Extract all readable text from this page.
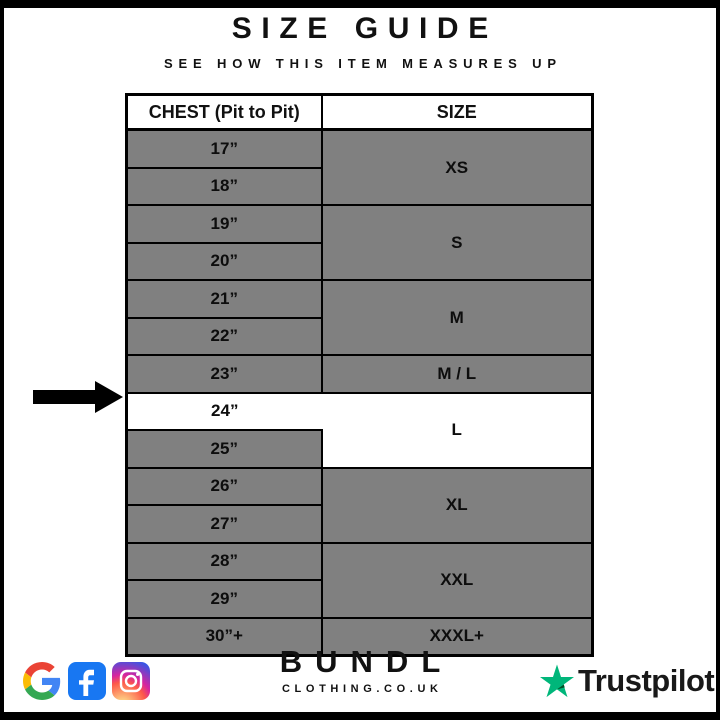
SIZE GUIDE
SEE HOW THIS ITEM MEASURES UP
CHEST (Pit to Pit)	SIZE
17”	XS
18”	
19”	S
20”	
21”	M
22”	
23”	M / L
24”	L
25”	
26”	XL
27”	
28”	XXL
29”	
30”+	XXXL+
BUNDL
CLOTHING.CO.UK	Trustpilot
